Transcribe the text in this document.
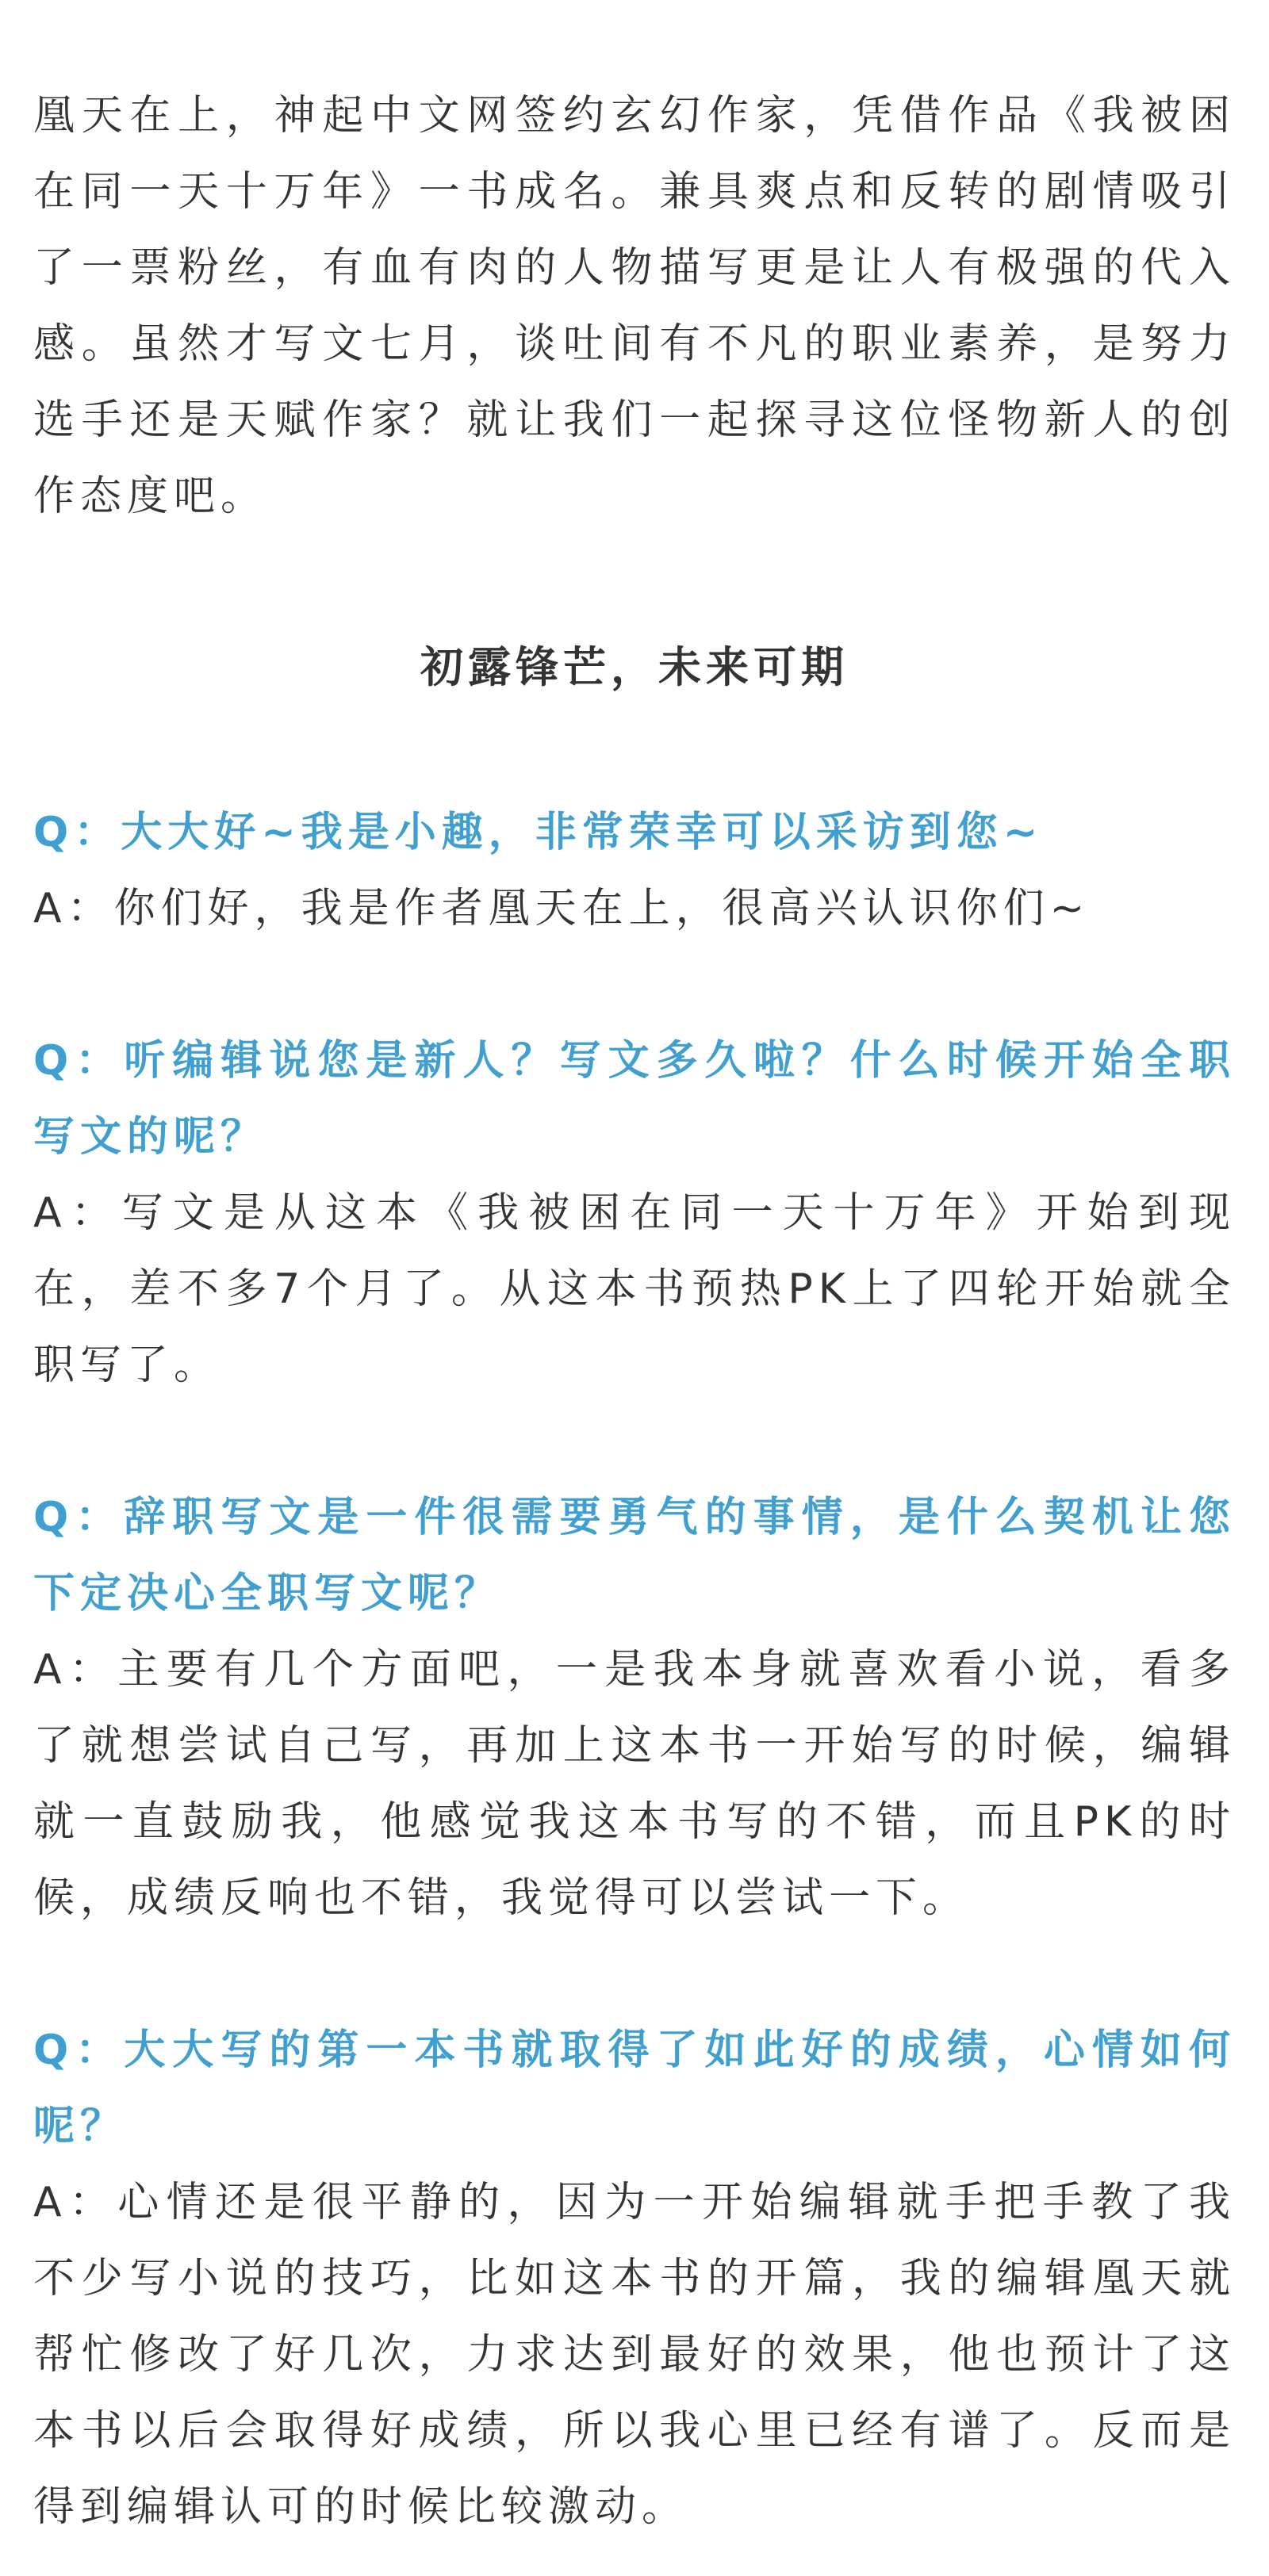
凰天在上，神起中文网签约玄幻作家，凭借作品《我被困在同一天十万年》一书成名。兼具爽点和反转的剧情吸引了一票粉丝，有血有肉的人物描写更是让人有极强的代入感。虽然才写文七月，谈吐间有不凡的职业素养，是努力选手还是天赋作家？就让我们一起探寻这位怪物新人的创作态度吧。

初露锋芒，未来可期

Q：大大好~我是小趣，非常荣幸可以采访到您~

A：你们好，我是作者凰天在上，很高兴认识你们~

Q：听编辑说您是新人？写文多久啦？什么时候开始全职写文的呢？

A：写文是从这本《我被困在同一天十万年》开始到现在，差不多7个月了。从这本书预热PK上了四轮开始就全职写了。

Q：辞职写文是一件很需要勇气的事情，是什么契机让您下定决心全职写文呢？

A：主要有几个方面吧，一是我本身就喜欢看小说，看多了就想尝试自己写，再加上这本书一开始写的时候，编辑就一直鼓励我，他感觉我这本书写的不错，而且PK的时候，成绩反响也不错，我觉得可以尝试一下。

Q：大大写的第一本书就取得了如此好的成绩，心情如何呢？

A：心情还是很平静的，因为一开始编辑就手把手教了我不少写小说的技巧，比如这本书的开篇，我的编辑凰天就帮忙修改了好几次，力求达到最好的效果，他也预计了这本书以后会取得好成绩，所以我心里已经有谱了。反而是得到编辑认可的时候比较激动。
